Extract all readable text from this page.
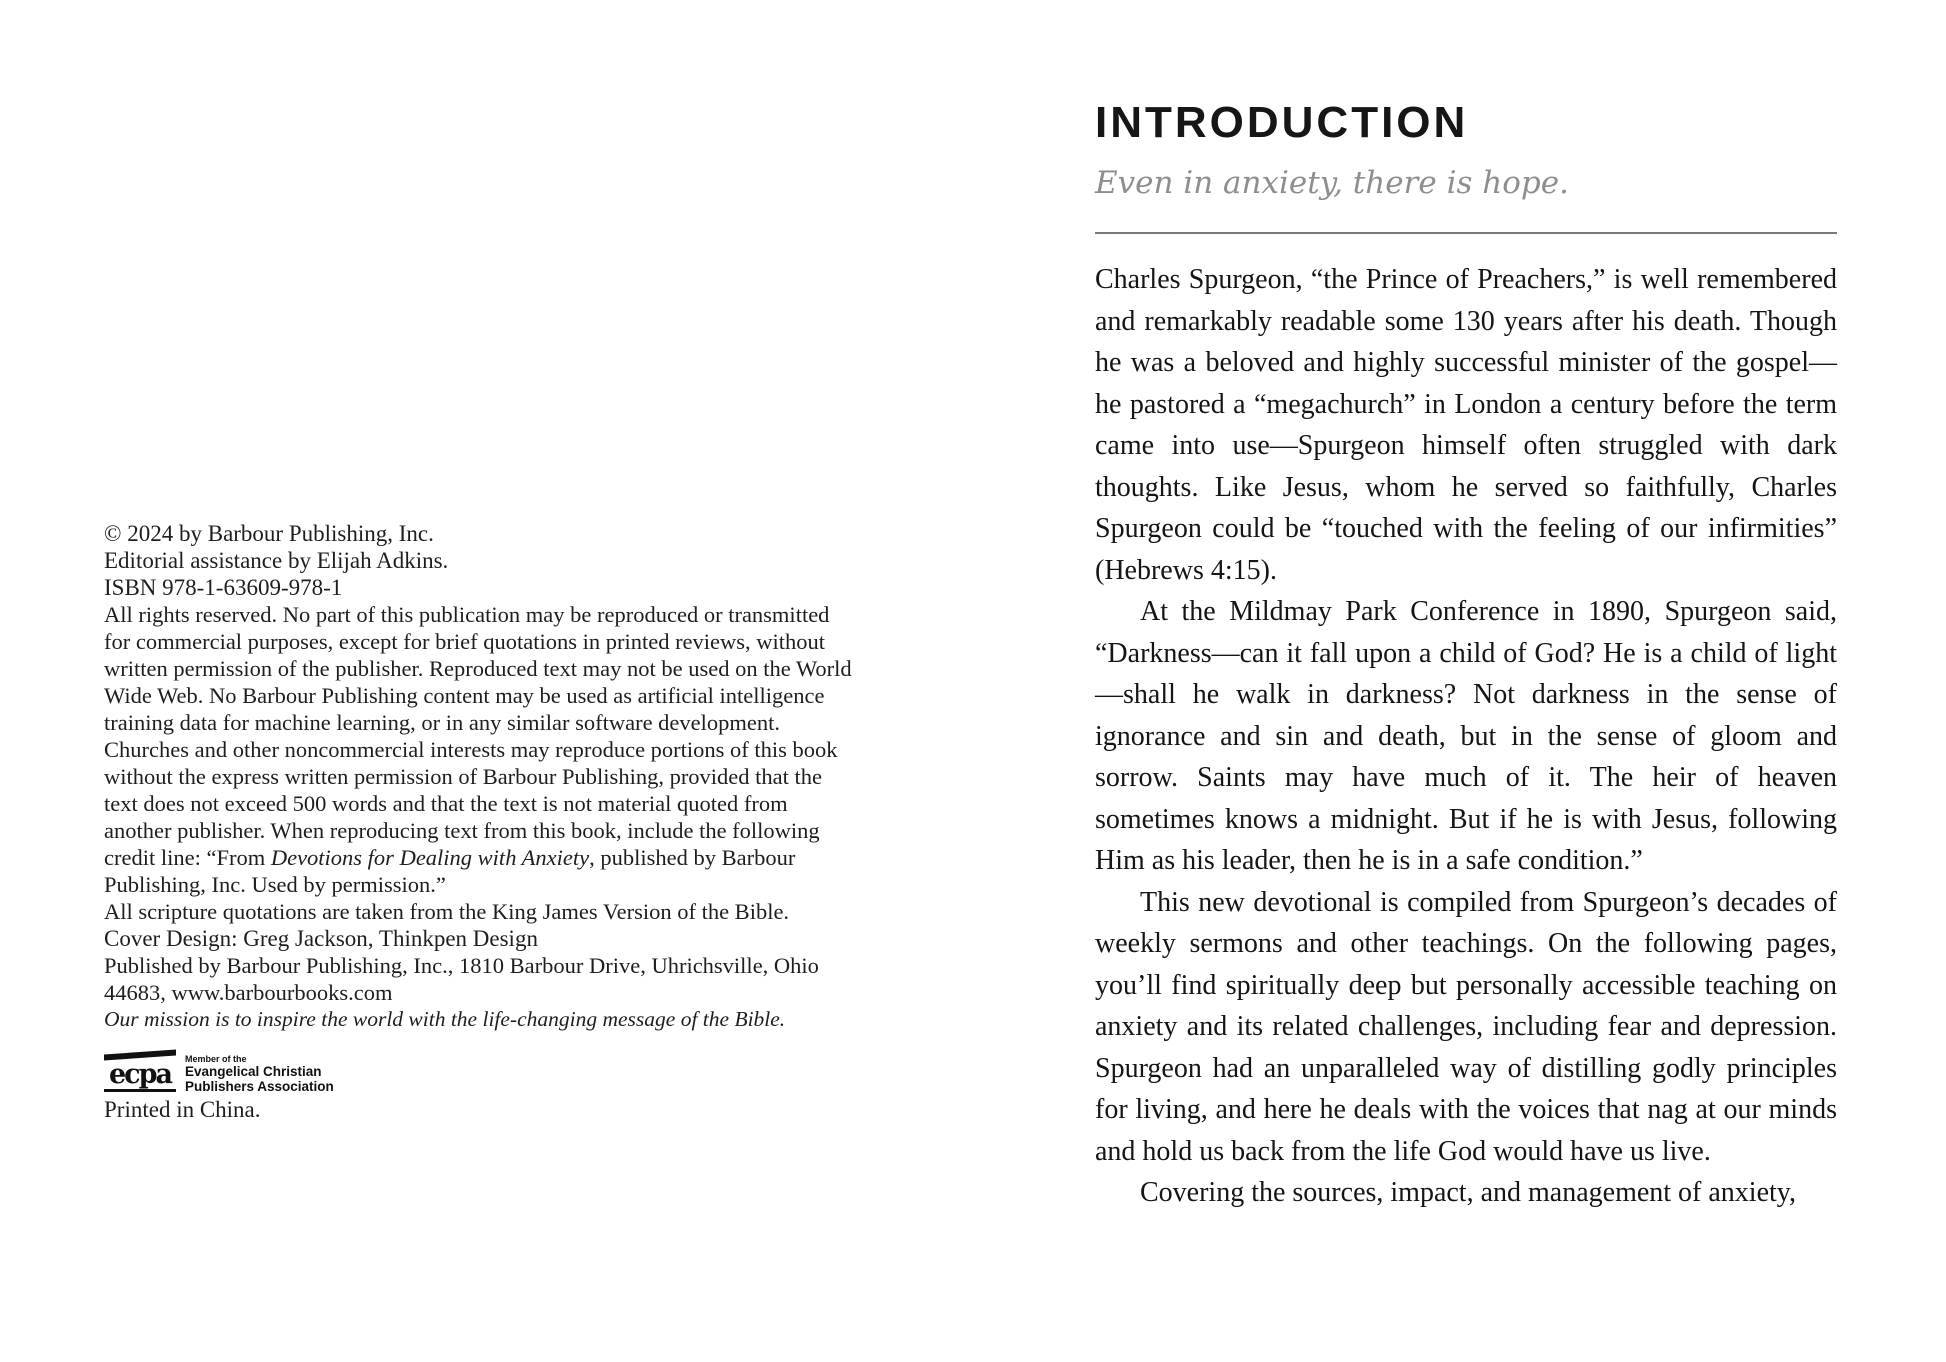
© 2024 by Barbour Publishing, Inc.

Editorial assistance by Elijah Adkins.

ISBN 978-1-63609-978-1

All rights reserved. No part of this publication may be reproduced or transmitted for commercial purposes, except for brief quotations in printed reviews, without written permission of the publisher. Reproduced text may not be used on the World Wide Web. No Barbour Publishing content may be used as artificial intelligence training data for machine learning, or in any similar software development.

Churches and other noncommercial interests may reproduce portions of this book without the express written permission of Barbour Publishing, provided that the text does not exceed 500 words and that the text is not material quoted from another publisher. When reproducing text from this book, include the following credit line: “From Devotions for Dealing with Anxiety, published by Barbour Publishing, Inc. Used by permission.”

All scripture quotations are taken from the King James Version of the Bible.

Cover Design: Greg Jackson, Thinkpen Design

Published by Barbour Publishing, Inc., 1810 Barbour Drive, Uhrichsville, Ohio 44683, www.barbourbooks.com

Our mission is to inspire the world with the life-changing message of the Bible.

ecpa	Member of the
Evangelical Christian
Publishers Association

Printed in China.

INTRODUCTION

Even in anxiety, there is hope.

Charles Spurgeon, “the Prince of Preachers,” is well remembered and remarkably readable some 130 years after his death. Though he was a beloved and highly successful minister of the gospel—he pastored a “megachurch” in London a century before the term came into use—Spurgeon himself often struggled with dark thoughts. Like Jesus, whom he served so faithfully, Charles Spurgeon could be “touched with the feeling of our infirmities” (Hebrews 4:15).

At the Mildmay Park Conference in 1890, Spurgeon said, “Darkness—can it fall upon a child of God? He is a child of light—shall he walk in darkness? Not darkness in the sense of ignorance and sin and death, but in the sense of gloom and sorrow. Saints may have much of it. The heir of heaven sometimes knows a midnight. But if he is with Jesus, following Him as his leader, then he is in a safe condition.”

This new devotional is compiled from Spurgeon’s decades of weekly sermons and other teachings. On the following pages, you’ll find spiritually deep but personally accessible teaching on anxiety and its related challenges, including fear and depression. Spurgeon had an unparalleled way of distilling godly principles for living, and here he deals with the voices that nag at our minds and hold us back from the life God would have us live.

Covering the sources, impact, and management of anxiety,
